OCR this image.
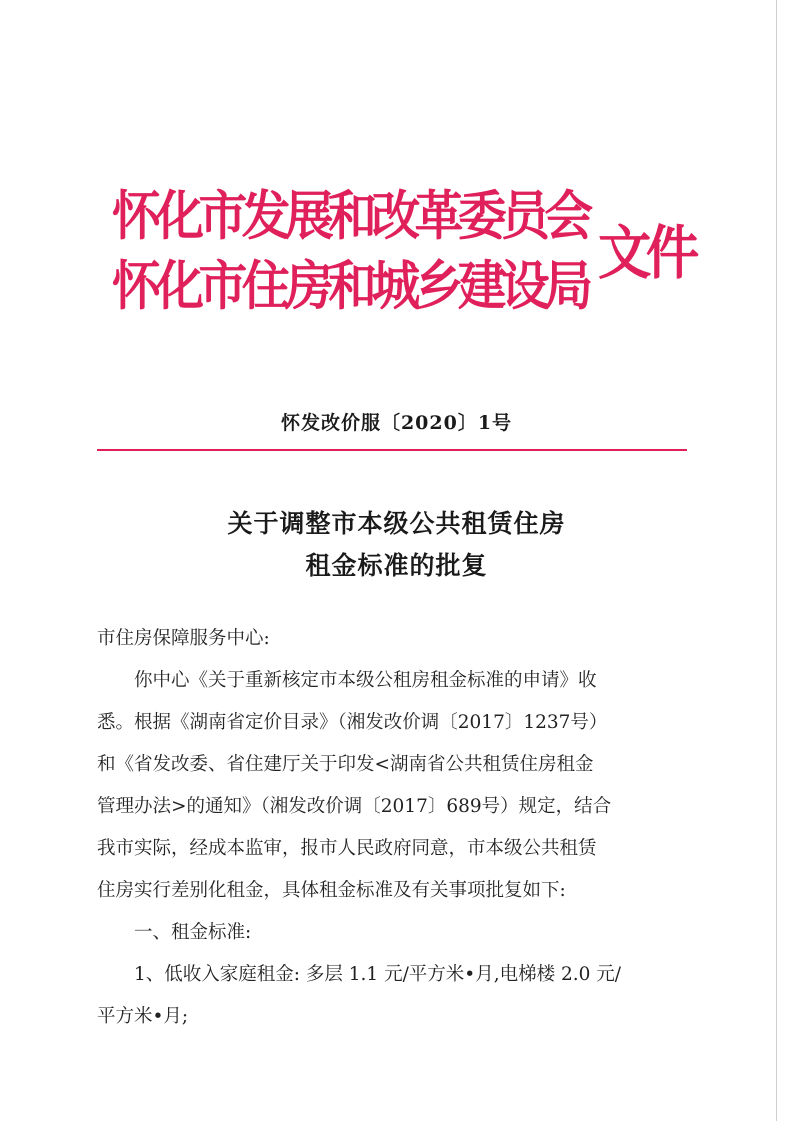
怀化市发展和改革委员会
怀化市住房和城乡建设局 文件
怀发改价服〔2020〕1号
关于调整市本级公共租赁住房
租金标准的批复
市住房保障服务中心:
你中心《关于重新核定市本级公租房租金标准的申请》收
悉。根据《湖南省定价目录》（湘发改价调〔2017〕1237号）
和《省发改委、省住建厅关于印发<湖南省公共租赁住房租金
管理办法>的通知》（湘发改价调〔2017〕689号）规定，结合
我市实际，经成本监审，报市人民政府同意，市本级公共租赁
住房实行差别化租金，具体租金标准及有关事项批复如下:
一、租金标准:
1、低收入家庭租金: 多层 1.1 元/平方米•月,电梯楼 2.0 元/
平方米•月;
